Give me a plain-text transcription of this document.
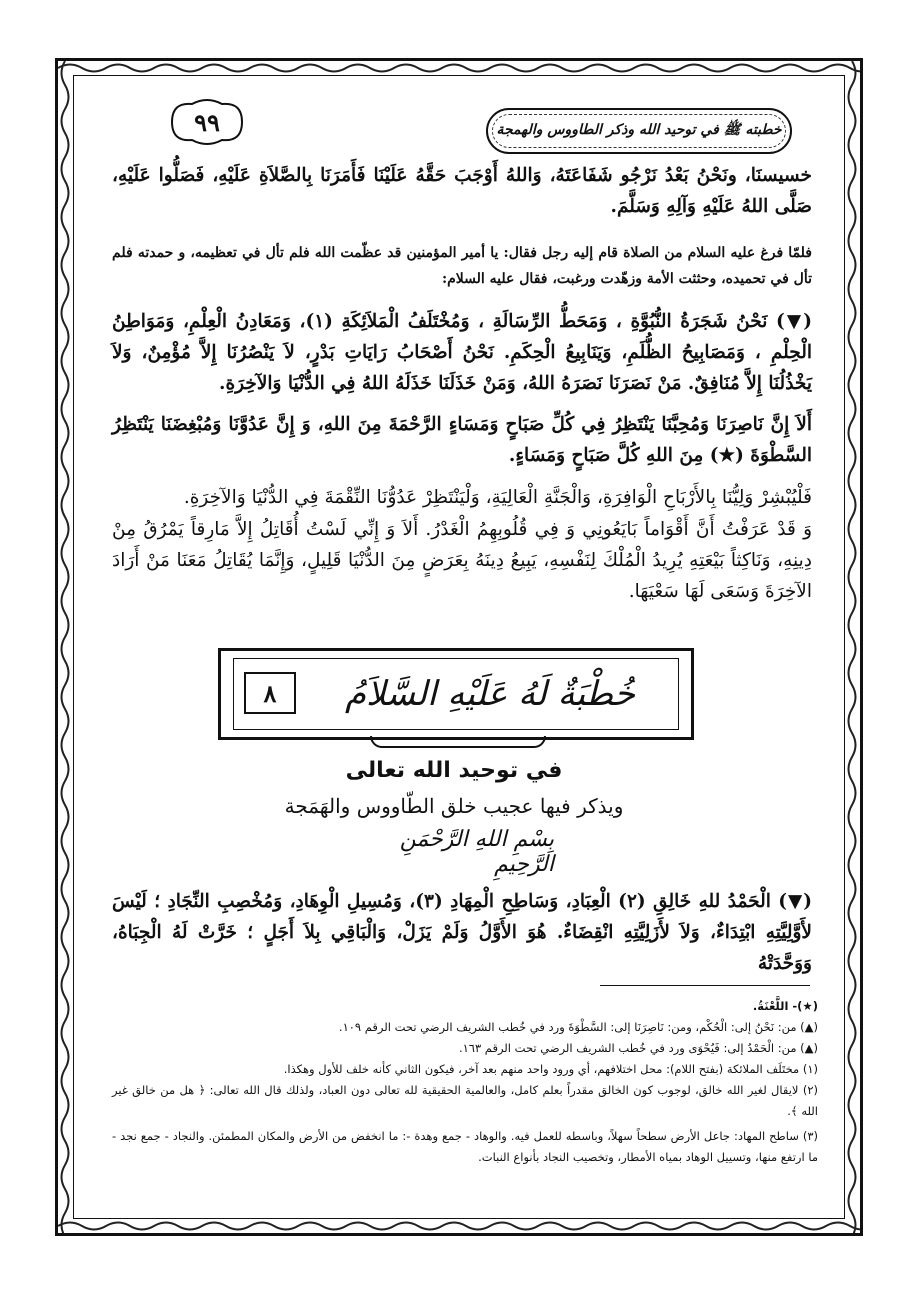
خطبته ﷺ في توحيد الله وذكر الطاووس والهمجة
٩٩
خسيسنَا، ونَحْنُ بَعْدُ نَرْجُو شَفَاعَتَهُ، وَاللهُ أَوْجَبَ حَقَّهُ عَلَيْنَا فَأَمَرَنَا بِالصَّلاَةِ عَلَيْهِ، فَصَلُّوا عَلَيْهِ، صَلَّى اللهُ عَلَيْهِ وَآلِهِ وَسَلَّمَ.
فلمّا فرغ عليه السلام من الصلاة قام إليه رجل فقال: يا أمير المؤمنين قد عظّمت الله فلم تأل في تعظيمه، و حمدته فلم تأل في تحميده، وحثثت الأمة وزهّدت ورغبت، فقال عليه السلام:
(▼) نَحْنُ شَجَرَةُ النُّبُوَّةِ ، وَمَحَطُّ الرِّسَالَةِ ، وَمُخْتَلَفُ الْمَلاَئِكَةِ (١)، وَمَعَادِنُ الْعِلْمِ، وَمَوَاطِنُ الْحِلْمِ ، وَمَصَابِيحُ الظُّلَمِ، وَيَنَابِيعُ الْحِكَمِ. نَحْنُ أَصْحَابُ رَايَاتِ بَدْرٍ، لاَ يَنْصُرُنَا إِلاَّ مُؤْمِنٌ، وَلاَ يَخْذُلُنَا إِلاَّ مُنَافِقٌ. مَنْ نَصَرَنَا نَصَرَهُ اللهُ، وَمَنْ خَذَلَنَا خَذَلَهُ اللهُ فِي الدُّنْيَا وَالآخِرَةِ.
أَلاَ إِنَّ نَاصِرَنَا وَمُحِبَّنَا يَنْتَظِرُ فِي كُلِّ صَبَاحٍ وَمَسَاءٍ الرَّحْمَةَ مِنَ اللهِ، وَ إِنَّ عَدُوَّنَا وَمُبْغِضَنَا يَنْتَظِرُ السَّطْوَةَ (★) مِنَ اللهِ كُلَّ صَبَاحٍ وَمَسَاءٍ.
فَلْيُبْشِرْ وَلِيُّنَا بِالأَرْبَاحِ الْوَافِرَةِ، وَالْجَنَّةِ الْعَالِيَةِ، وَلْيَنْتَظِرْ عَدُوُّنَا النِّقْمَةَ فِي الدُّنْيَا وَالآخِرَةِ.
وَ قَدْ عَرَفْتُ أَنَّ أَقْوَاماً بَايَعُونِي وَ فِي قُلُوبِهِمُ الْغَدْرُ. أَلاَ وَ إِنِّي لَسْتُ أُقَاتِلُ إِلاَّ مَارِقاً يَمْرُقُ مِنْ دِينِهِ، وَنَاكِثاً بَيْعَتِهِ يُرِيدُ الْمُلْكَ لِنَفْسِهِ، يَبِيعُ دِينَهُ بِعَرَضٍ مِنَ الدُّنْيَا قَلِيلٍ، وَإِنَّمَا يُقَاتِلُ مَعَنَا مَنْ أَرَادَ الآخِرَةَ وَسَعَى لَهَا سَعْيَهَا.
خُطْبَةٌ لَهُ عَلَيْهِ السَّلاَمُ
٨
في توحيد الله تعالى
ويذكر فيها عجيب خلق الطّاووس والهَمَجة
بِسْمِ اللهِ الرَّحْمَنِ الرَّحِيمِ
(▼) الْحَمْدُ للهِ خَالِقِ (٢) الْعِبَادِ، وَسَاطِحِ الْمِهَادِ (٣)، وَمُسِيلِ الْوِهَادِ، وَمُخْصِبِ النِّجَادِ ؛ لَيْسَ لأَوَّلِيَّتِهِ ابْتِدَاءٌ، وَلاَ لأَزَلِيَّتِهِ انْقِضَاءٌ. هُوَ الأَوَّلُ وَلَمْ يَزَلْ، وَالْبَاقِي بِلاَ أَجَلٍ ؛ خَرَّتْ لَهُ الْجِبَاهُ، وَوَحَّدَتْهُ
(★)- اللَّعْنَةُ.
(▲) من: نَحْنُ إلى: الْحُكْم، ومن: نَاصِرَنَا إلى: السَّطْوَةَ ورد في خُطب الشريف الرضي تحت الرقم ١٠٩.
(▲) من: الْحَمْدُ إلى: فَيُحْوَى ورد في خُطب الشريف الرضي تحت الرقم ١٦٣.
(١) مختَلَف الملائكة (بفتح اللام): محل اختلافهم، أي ورود واحد منهم بعد آخر، فيكون الثاني كأنه خلف للأول وهكذا.
(٢) لايقال لغير الله خالق، لوجوب كون الخالق مقدراً بعلم كامل، والعالمية الحقيقية لله تعالى دون العباد، ولذلك قال الله تعالى: ﴿ هل من خالق غير الله ﴾.
(٣) ساطح المهاد: جاعل الأرض سطحاً سهلاً، وباسطه للعمل فيه. والوهاد - جمع وهدة -: ما انخفض من الأرض والمكان المطمئن. والنجاد - جمع نجد - ما ارتفع منها، وتسييل الوهاد بمياه الأمطار، وتخصيب النجاد بأنواع النبات.
